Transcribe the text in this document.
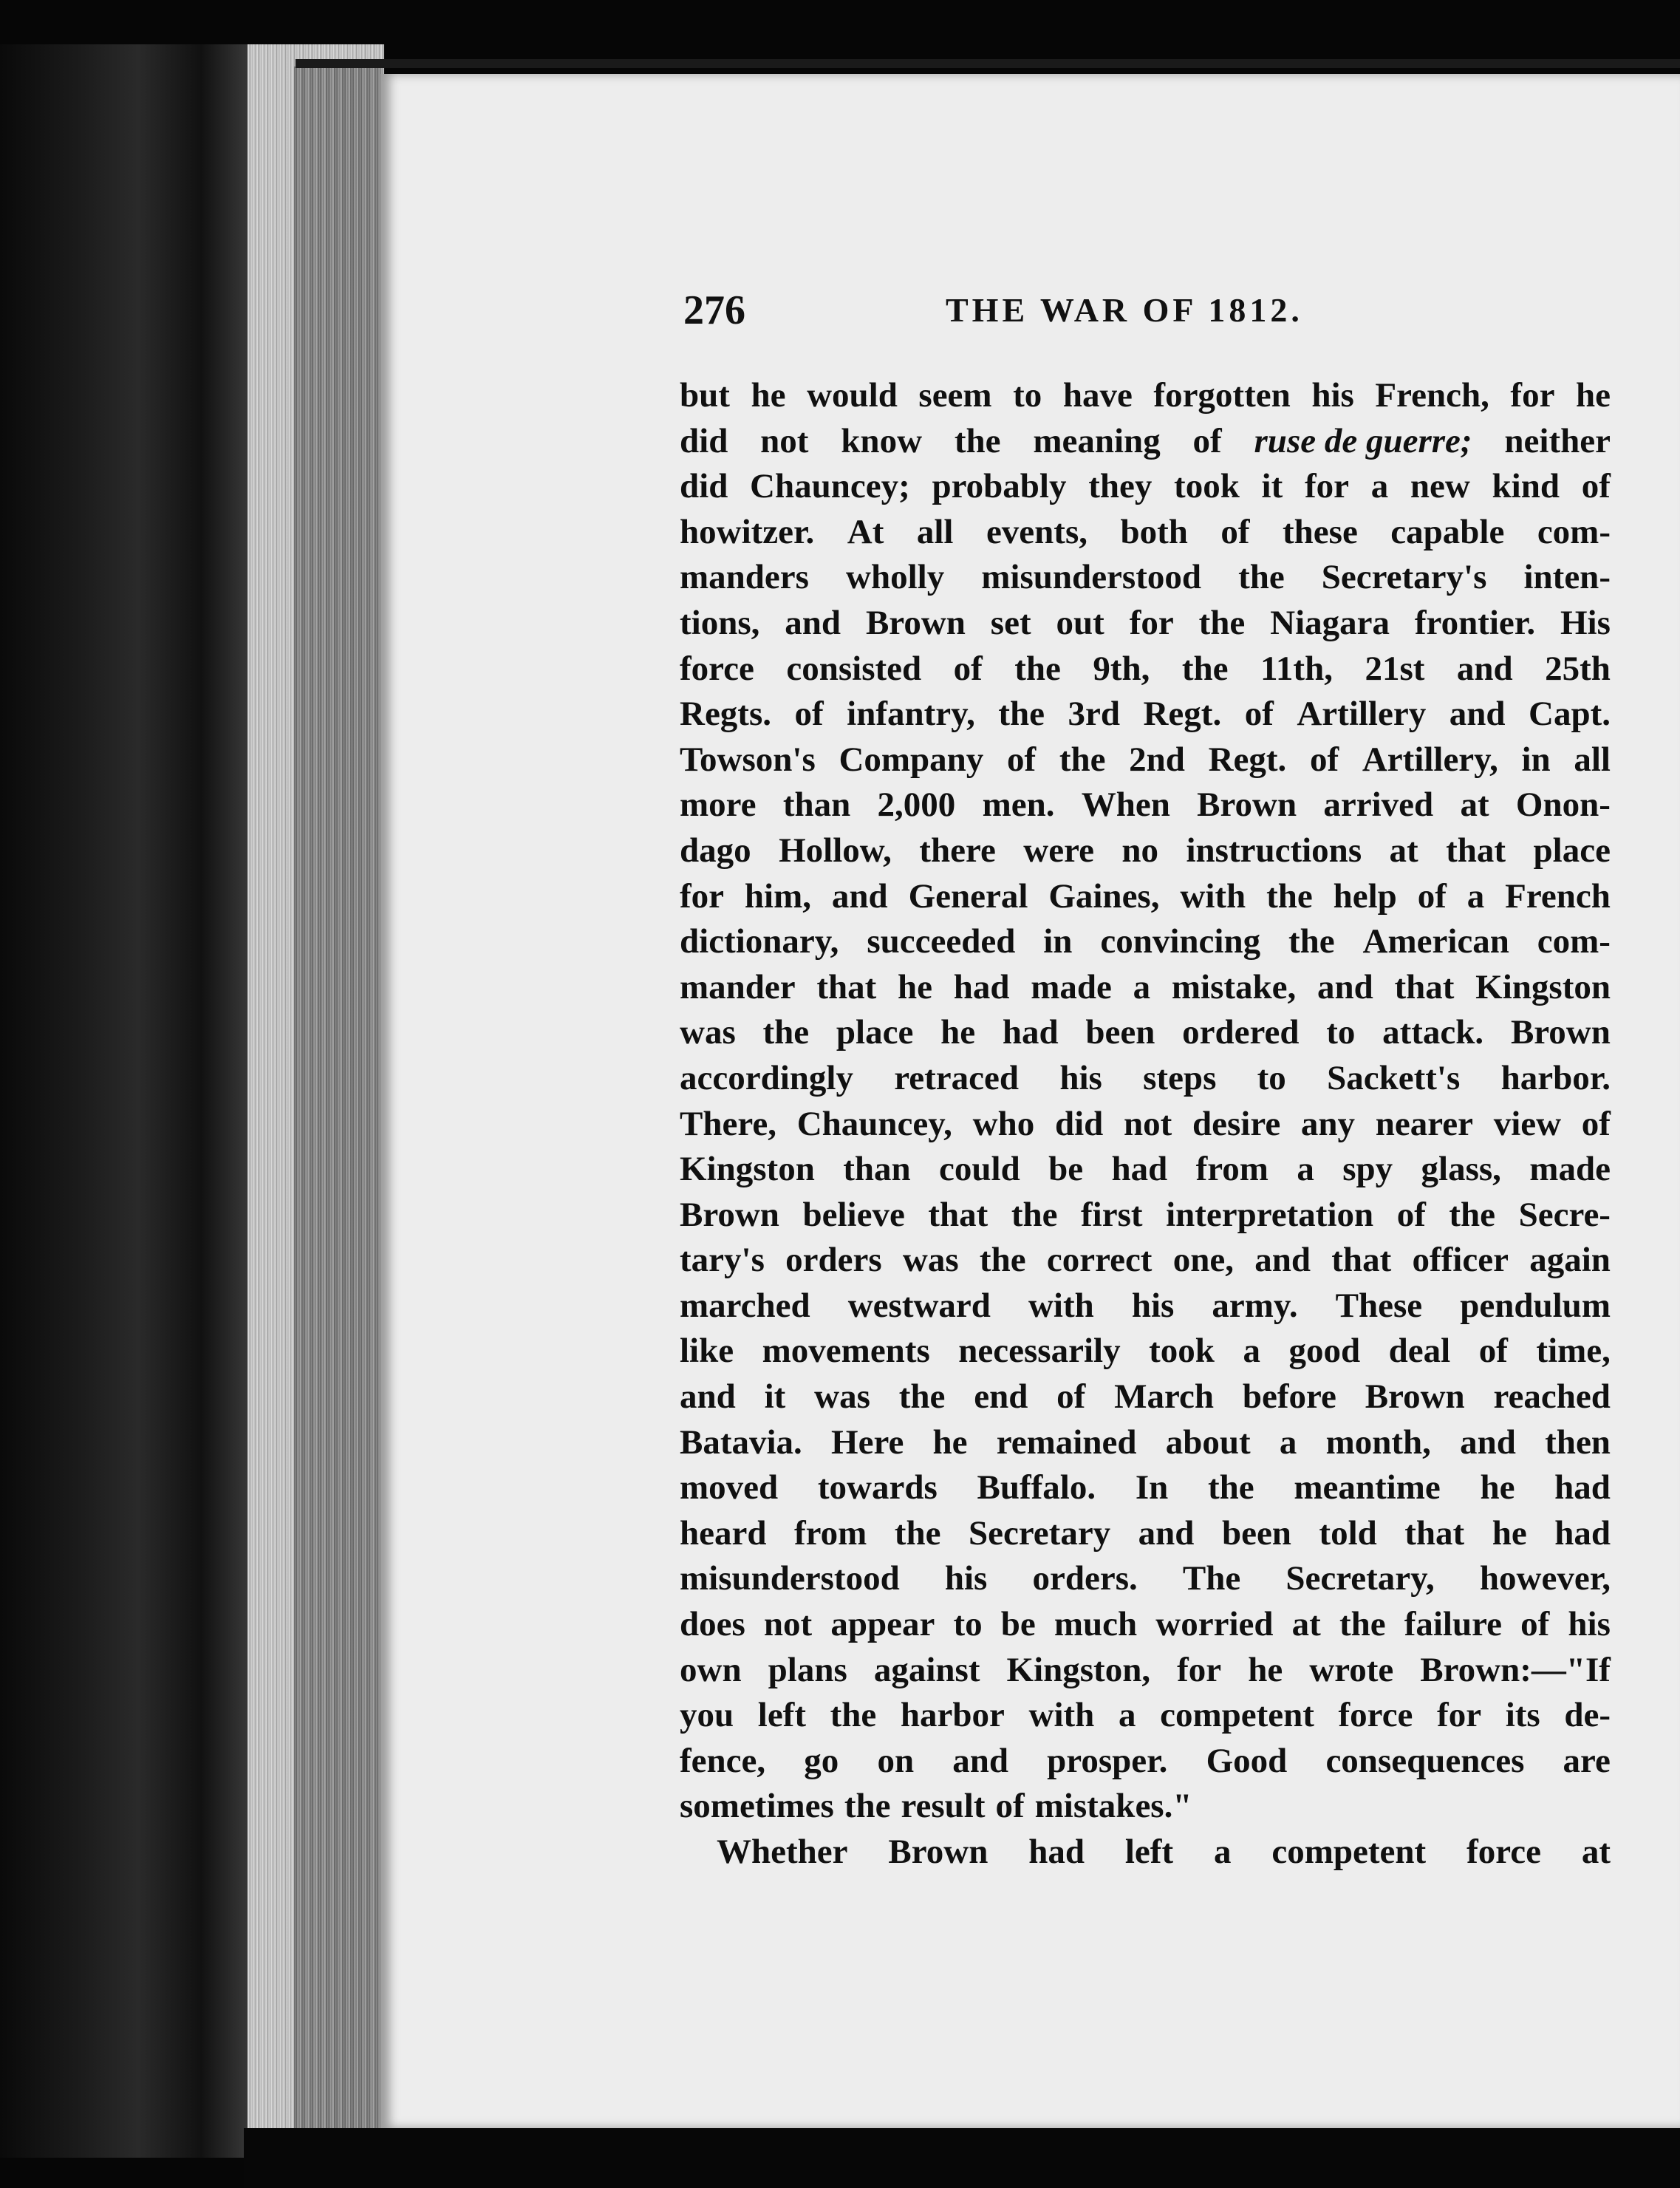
276	THE WAR OF 1812.
but he would seem to have forgotten his French, for he
did not know the meaning of ruse de guerre; neither
did Chauncey; probably they took it for a new kind of
howitzer. At all events, both of these capable com-
manders wholly misunderstood the Secretary's inten-
tions, and Brown set out for the Niagara frontier. His
force consisted of the 9th, the 11th, 21st and 25th
Regts. of infantry, the 3rd Regt. of Artillery and Capt.
Towson's Company of the 2nd Regt. of Artillery, in all
more than 2,000 men. When Brown arrived at Onon-
dago Hollow, there were no instructions at that place
for him, and General Gaines, with the help of a French
dictionary, succeeded in convincing the American com-
mander that he had made a mistake, and that Kingston
was the place he had been ordered to attack. Brown
accordingly retraced his steps to Sackett's harbor.
There, Chauncey, who did not desire any nearer view of
Kingston than could be had from a spy glass, made
Brown believe that the first interpretation of the Secre-
tary's orders was the correct one, and that officer again
marched westward with his army. These pendulum
like movements necessarily took a good deal of time,
and it was the end of March before Brown reached
Batavia. Here he remained about a month, and then
moved towards Buffalo. In the meantime he had
heard from the Secretary and been told that he had
misunderstood his orders. The Secretary, however,
does not appear to be much worried at the failure of his
own plans against Kingston, for he wrote Brown:—"If
you left the harbor with a competent force for its de-
fence, go on and prosper. Good consequences are
sometimes the result of mistakes."
Whether Brown had left a competent force at
